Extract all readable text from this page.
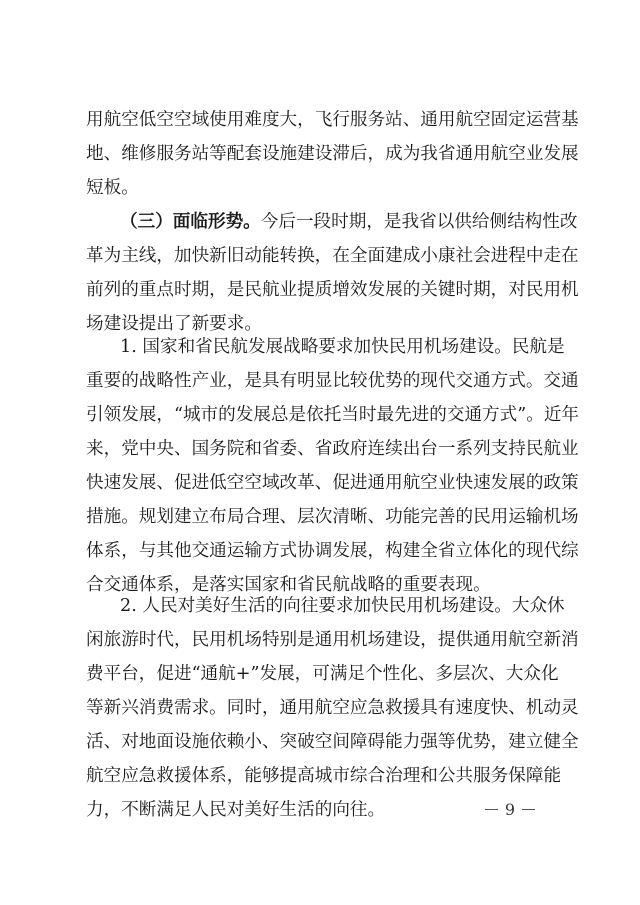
用航空低空空域使用难度大，飞行服务站、通用航空固定运营基
地、维修服务站等配套设施建设滞后，成为我省通用航空业发展
短板。
（三）面临形势。今后一段时期，是我省以供给侧结构性改
革为主线，加快新旧动能转换，在全面建成小康社会进程中走在
前列的重点时期，是民航业提质增效发展的关键时期，对民用机
场建设提出了新要求。
1. 国家和省民航发展战略要求加快民用机场建设。民航是
重要的战略性产业，是具有明显比较优势的现代交通方式。交通
引领发展，“城市的发展总是依托当时最先进的交通方式”。近年
来，党中央、国务院和省委、省政府连续出台一系列支持民航业
快速发展、促进低空空域改革、促进通用航空业快速发展的政策
措施。规划建立布局合理、层次清晰、功能完善的民用运输机场
体系，与其他交通运输方式协调发展，构建全省立体化的现代综
合交通体系，是落实国家和省民航战略的重要表现。
2. 人民对美好生活的向往要求加快民用机场建设。大众休
闲旅游时代，民用机场特别是通用机场建设，提供通用航空新消
费平台，促进“通航+”发展，可满足个性化、多层次、大众化
等新兴消费需求。同时，通用航空应急救援具有速度快、机动灵
活、对地面设施依赖小、突破空间障碍能力强等优势，建立健全
航空应急救援体系，能够提高城市综合治理和公共服务保障能
力，不断满足人民对美好生活的向往。	9
